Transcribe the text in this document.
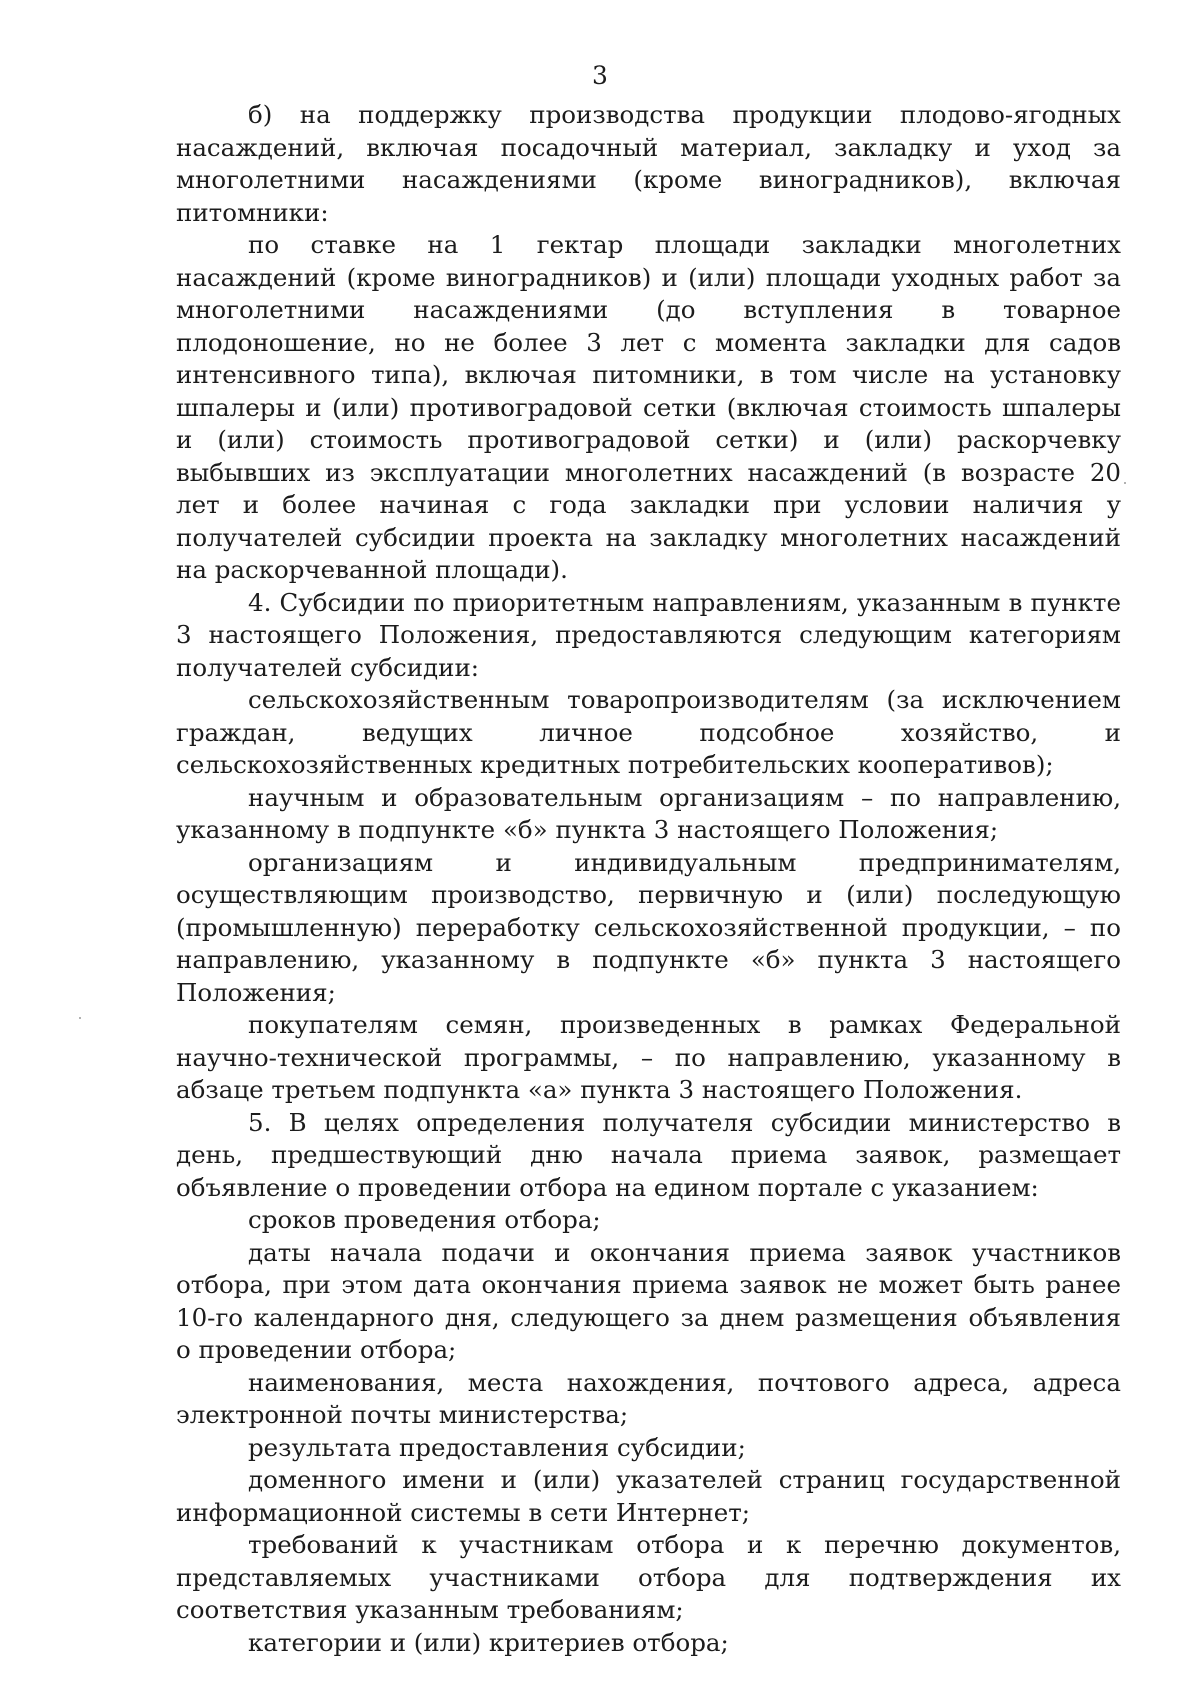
3

б) на поддержку производства продукции плодово-ягодных насаждений, включая посадочный материал, закладку и уход за многолетними насаждениями (кроме виноградников), включая питомники:

по ставке на 1 гектар площади закладки многолетних насаждений (кроме виноградников) и (или) площади уходных работ за многолетними насаждениями (до вступления в товарное плодоношение, но не более 3 лет с момента закладки для садов интенсивного типа), включая питомники, в том числе на установку шпалеры и (или) противоградовой сетки (включая стоимость шпалеры и (или) стоимость противоградовой сетки) и (или) раскорчевку выбывших из эксплуатации многолетних насаждений (в возрасте 20 лет и более начиная с года закладки при условии наличия у получателей субсидии проекта на закладку многолетних насаждений на раскорчеванной площади).

4. Субсидии по приоритетным направлениям, указанным в пункте 3 настоящего Положения, предоставляются следующим категориям получателей субсидии:

сельскохозяйственным товаропроизводителям (за исключением граждан, ведущих личное подсобное хозяйство, и сельскохозяйственных кредитных потребительских кооперативов);

научным и образовательным организациям – по направлению, указанному в подпункте «б» пункта 3 настоящего Положения;

организациям и индивидуальным предпринимателям, осуществляющим производство, первичную и (или) последующую (промышленную) переработку сельскохозяйственной продукции, – по направлению, указанному в подпункте «б» пункта 3 настоящего Положения;

покупателям семян, произведенных в рамках Федеральной научно-технической программы, – по направлению, указанному в абзаце третьем подпункта «а» пункта 3 настоящего Положения.

5. В целях определения получателя субсидии министерство в день, предшествующий дню начала приема заявок, размещает объявление о проведении отбора на едином портале с указанием:

сроков проведения отбора;

даты начала подачи и окончания приема заявок участников отбора, при этом дата окончания приема заявок не может быть ранее 10-го календарного дня, следующего за днем размещения объявления о проведении отбора;

наименования, места нахождения, почтового адреса, адреса электронной почты министерства;

результата предоставления субсидии;

доменного имени и (или) указателей страниц государственной информационной системы в сети Интернет;

требований к участникам отбора и к перечню документов, представляемых участниками отбора для подтверждения их соответствия указанным требованиям;

категории и (или) критериев отбора;
